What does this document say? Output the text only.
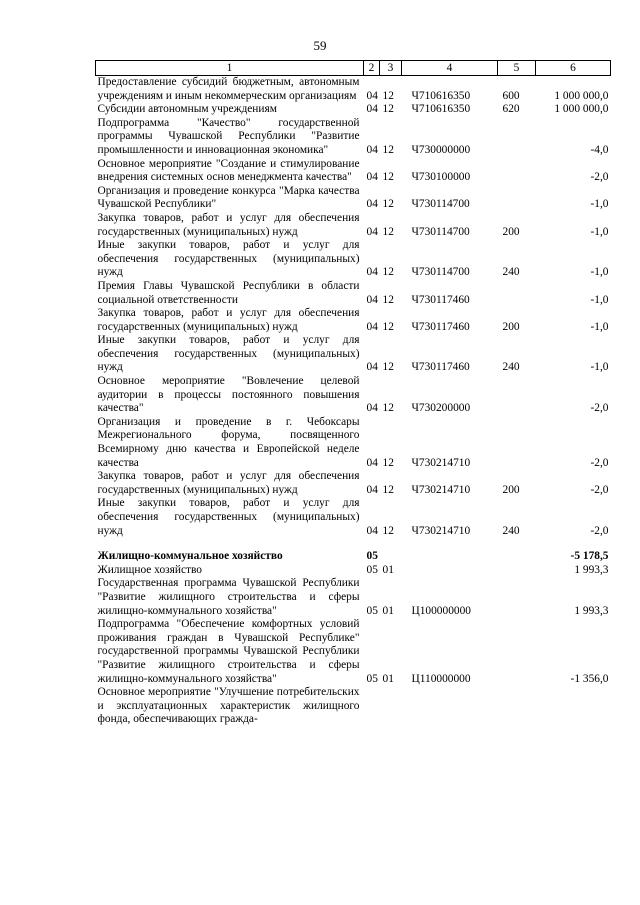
59
1	2	3	4	5	6
Предоставление субсидий бюджетным, автономным учреждениям и иным некоммерческим организациям	04	12	Ч710616350	600	1 000 000,0
Субсидии автономным учреждениям	04	12	Ч710616350	620	1 000 000,0
Подпрограмма "Качество" государственной программы Чувашской Республики "Развитие промышленности и инновационная экономика"	04	12	Ч730000000		-4,0
Основное мероприятие "Создание и стимулирование внедрения системных основ менеджмента качества"	04	12	Ч730100000		-2,0
Организация и проведение конкурса "Марка качества Чувашской Республики"	04	12	Ч730114700		-1,0
Закупка товаров, работ и услуг для обеспечения государственных (муниципальных) нужд	04	12	Ч730114700	200	-1,0
Иные закупки товаров, работ и услуг для обеспечения государственных (муниципальных) нужд	04	12	Ч730114700	240	-1,0
Премия Главы Чувашской Республики в области социальной ответственности	04	12	Ч730117460		-1,0
Закупка товаров, работ и услуг для обеспечения государственных (муниципальных) нужд	04	12	Ч730117460	200	-1,0
Иные закупки товаров, работ и услуг для обеспечения государственных (муниципальных) нужд	04	12	Ч730117460	240	-1,0
Основное мероприятие "Вовлечение целевой аудитории в процессы постоянного повышения качества"	04	12	Ч730200000		-2,0
Организация и проведение в г. Чебоксары Межрегионального форума, посвященного Всемирному дню качества и Европейской неделе качества	04	12	Ч730214710		-2,0
Закупка товаров, работ и услуг для обеспечения государственных (муниципальных) нужд	04	12	Ч730214710	200	-2,0
Иные закупки товаров, работ и услуг для обеспечения государственных (муниципальных) нужд	04	12	Ч730214710	240	-2,0

Жилищно-коммунальное хозяйство	05				-5 178,5
Жилищное хозяйство	05	01			1 993,3
Государственная программа Чувашской Республики "Развитие жилищного строительства и сферы жилищно-коммунального хозяйства"	05	01	Ц100000000		1 993,3
Подпрограмма "Обеспечение комфортных условий проживания граждан в Чувашской Республике" государственной программы Чувашской Республики "Развитие жилищного строительства и сферы жилищно-коммунального хозяйства"	05	01	Ц110000000		-1 356,0
Основное мероприятие "Улучшение потребительских и эксплуатационных характеристик жилищного фонда, обеспечивающих гражда-					
